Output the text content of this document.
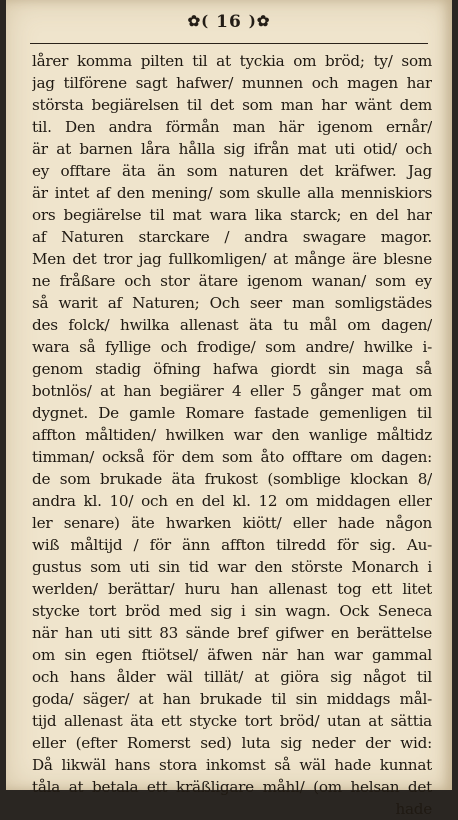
✿( 16 )✿
lårer komma pilten til at tyckia om bröd; ty/ som
jag tilförene sagt hafwer/ munnen och magen har
största begiärelsen til det som man har wänt dem
til. Den andra förmån man här igenom ernår/
är at barnen låra hålla sig ifrån mat uti otid/ och
ey offtare äta än som naturen det kräfwer. Jag
är intet af den mening/ som skulle alla menniskiors
ors begiärelse til mat wara lika starck; en del har
af Naturen starckare / andra swagare magor.
Men det tror jag fullkomligen/ at månge äre blesne
ne fråßare och stor ätare igenom wanan/ som ey
så warit af Naturen; Och seer man somligstädes
des folck/ hwilka allenast äta tu mål om dagen/
wara så fyllige och frodige/ som andre/ hwilke i-
genom stadig öfning hafwa giordt sin maga så
botnlös/ at han begiärer 4 eller 5 gånger mat om
dygnet. De gamle Romare fastade gemenligen til
affton måltiden/ hwilken war den wanlige måltidz
timman/ också för dem som åto offtare om dagen:
de som brukade äta frukost (somblige klockan 8/
andra kl. 10/ och en del kl. 12 om middagen eller
ler senare) äte hwarken kiött/ eller hade någon
wiß måltijd / för änn affton tilredd för sig. Au-
gustus som uti sin tid war den störste Monarch i
werlden/ berättar/ huru han allenast tog ett litet
stycke tort bröd med sig i sin wagn. Ock Seneca
när han uti sitt 83 sände bref gifwer en berättelse
om sin egen ftiötsel/ äfwen när han war gammal
och hans ålder wäl tillät/ at giöra sig något til
goda/ säger/ at han brukade til sin middags mål-
tijd allenast äta ett stycke tort bröd/ utan at sättia
eller (efter Romerst sed) luta sig neder der wid:
Då likwäl hans stora inkomst så wäl hade kunnat
tåla at betala ett kräßligare måhl/ (om helsan det
hade
